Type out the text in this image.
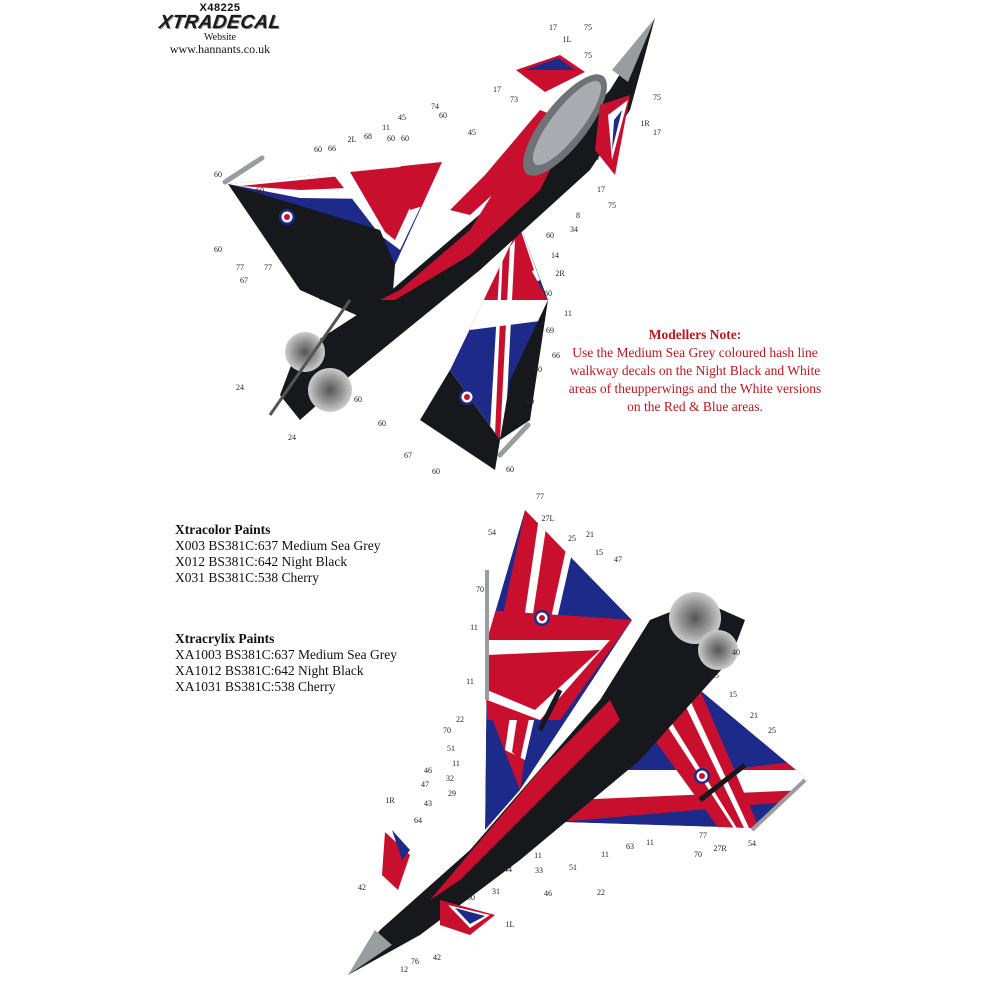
17	75
1L
75
17
73	75
1R
17
73
17
75
74
60
45
45
11
60 60
68
2L
66
60
60
60
8
34
60
14
2R
60
11
69
66
60
77
60
77
67
60
24
24
60
60
67
60	60
77
27L
54
25 21
15
47
70
11
40
11
65
15
22	21
25
70
51
11
46
32
47
29
43
63
11
11
77
27R
54
70
22
51
46
11
33
44
31
30
64
1R
42
76 42
12
1L
X48225
XTRADECAL
Website
www.hannants.co.uk
Modellers Note:
Use the Medium Sea Grey coloured hash line
walkway decals on the Night Black and White
areas of theupperwings and the White versions
on the Red & Blue areas.
Xtracolor Paints
X003 BS381C:637 Medium Sea Grey
X012 BS381C:642 Night Black
X031 BS381C:538 Cherry
Xtracrylix Paints
XA1003 BS381C:637 Medium Sea Grey
XA1012 BS381C:642 Night Black
XA1031 BS381C:538 Cherry
